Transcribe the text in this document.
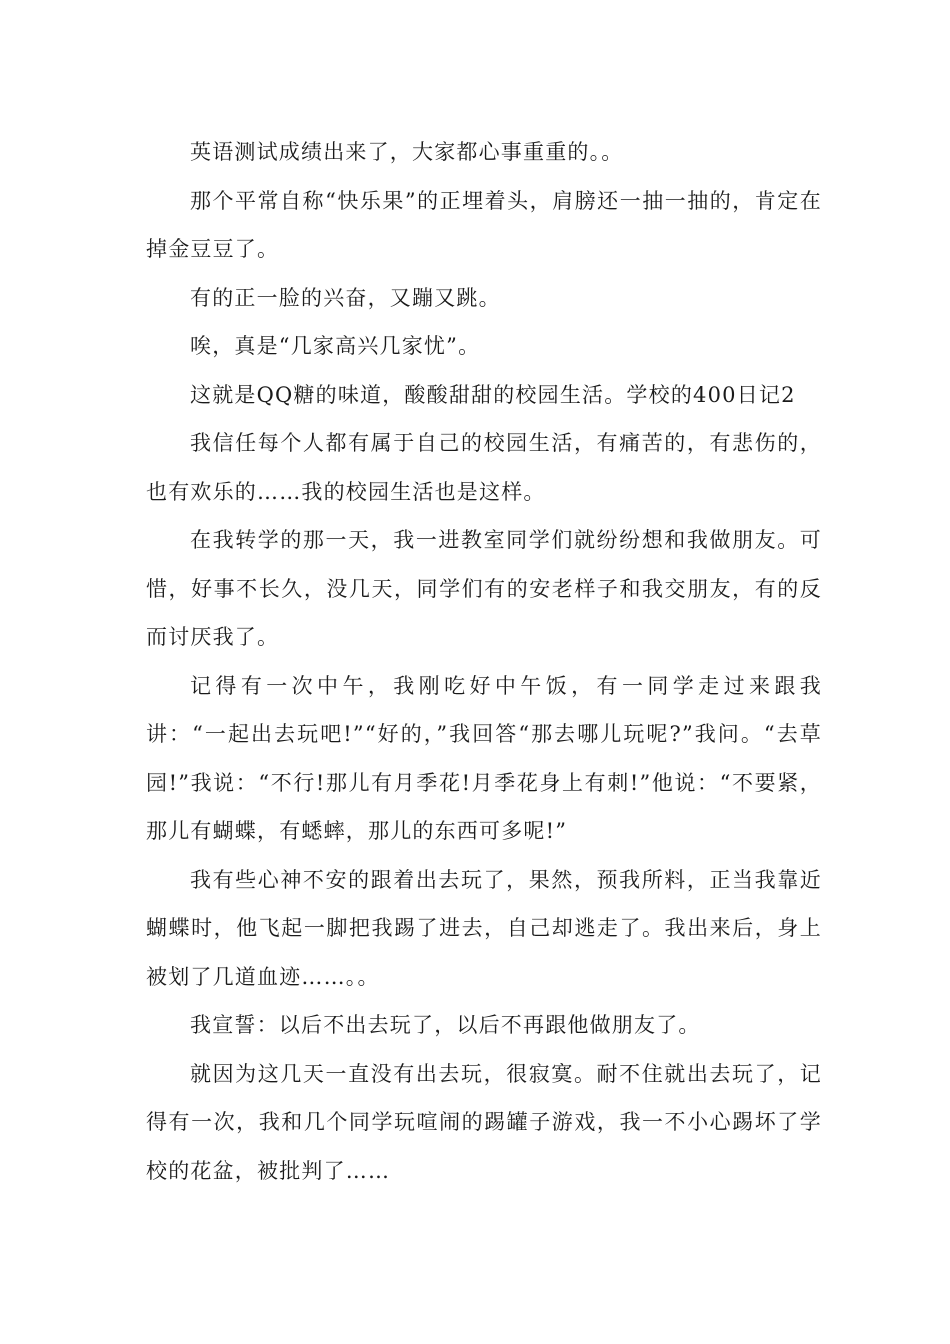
英语测试成绩出来了，大家都心事重重的。。

那个平常自称“快乐果”的正埋着头，肩膀还一抽一抽的，肯定在掉金豆豆了。

有的正一脸的兴奋，又蹦又跳。

唉，真是“几家高兴几家忧”。

这就是QQ糖的味道，酸酸甜甜的校园生活。学校的400日记2

我信任每个人都有属于自己的校园生活，有痛苦的，有悲伤的，也有欢乐的……我的校园生活也是这样。

在我转学的那一天，我一进教室同学们就纷纷想和我做朋友。可惜，好事不长久，没几天，同学们有的安老样子和我交朋友，有的反而讨厌我了。

记得有一次中午，我刚吃好中午饭，有一同学走过来跟我讲：“一起出去玩吧!”“好的，”我回答“那去哪儿玩呢?”我问。“去草园!”我说：“不行!那儿有月季花!月季花身上有刺!”他说：“不要紧，那儿有蝴蝶，有蟋蟀，那儿的东西可多呢!”

我有些心神不安的跟着出去玩了，果然，预我所料，正当我靠近蝴蝶时，他飞起一脚把我踢了进去，自己却逃走了。我出来后，身上被划了几道血迹……。。

我宣誓：以后不出去玩了，以后不再跟他做朋友了。

就因为这几天一直没有出去玩，很寂寞。耐不住就出去玩了，记得有一次，我和几个同学玩喧闹的踢罐子游戏，我一不小心踢坏了学校的花盆，被批判了……
